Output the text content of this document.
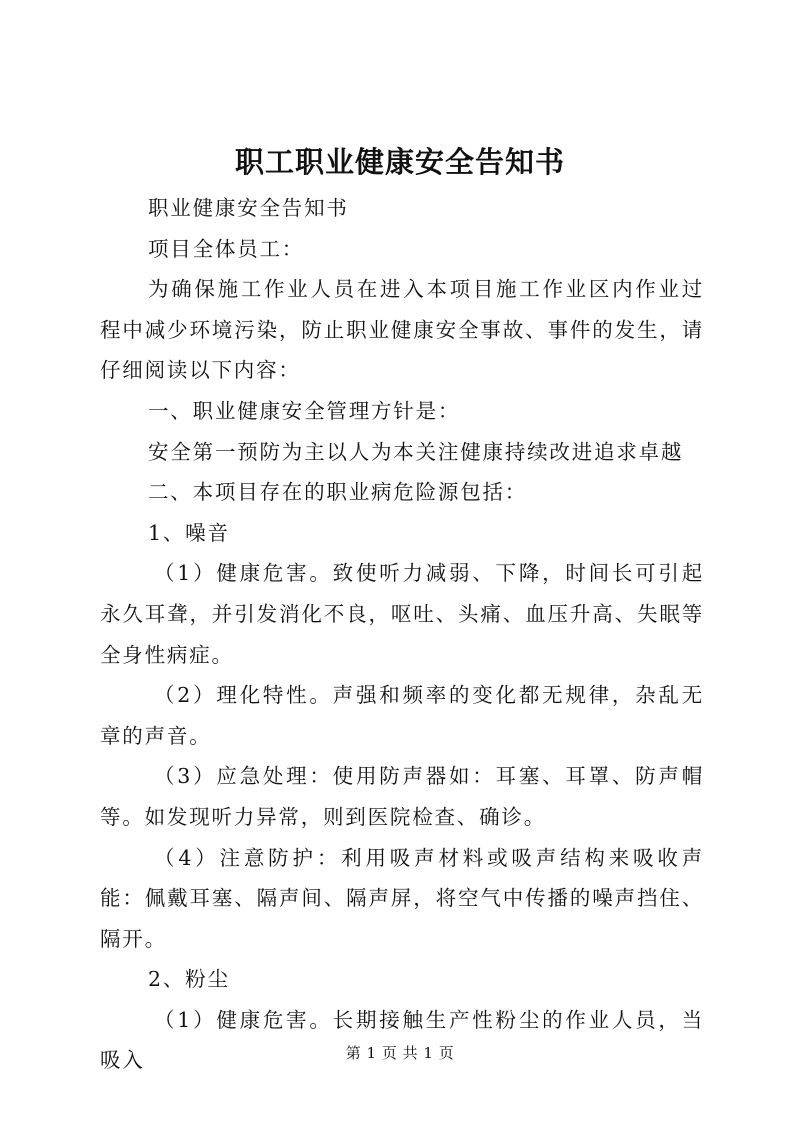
职工职业健康安全告知书

职业健康安全告知书

项目全体员工：

为确保施工作业人员在进入本项目施工作业区内作业过程中减少环境污染，防止职业健康安全事故、事件的发生，请仔细阅读以下内容：

一、职业健康安全管理方针是：

安全第一预防为主以人为本关注健康持续改进追求卓越

二、本项目存在的职业病危险源包括：

1、噪音

（1）健康危害。致使听力减弱、下降，时间长可引起永久耳聋，并引发消化不良，呕吐、头痛、血压升高、失眠等全身性病症。

（2）理化特性。声强和频率的变化都无规律，杂乱无章的声音。

（3）应急处理：使用防声器如：耳塞、耳罩、防声帽等。如发现听力异常，则到医院检查、确诊。

（4）注意防护：利用吸声材料或吸声结构来吸收声能：佩戴耳塞、隔声间、隔声屏，将空气中传播的噪声挡住、隔开。

2、粉尘

（1）健康危害。长期接触生产性粉尘的作业人员，当吸入	第 1 页 共 1 页
